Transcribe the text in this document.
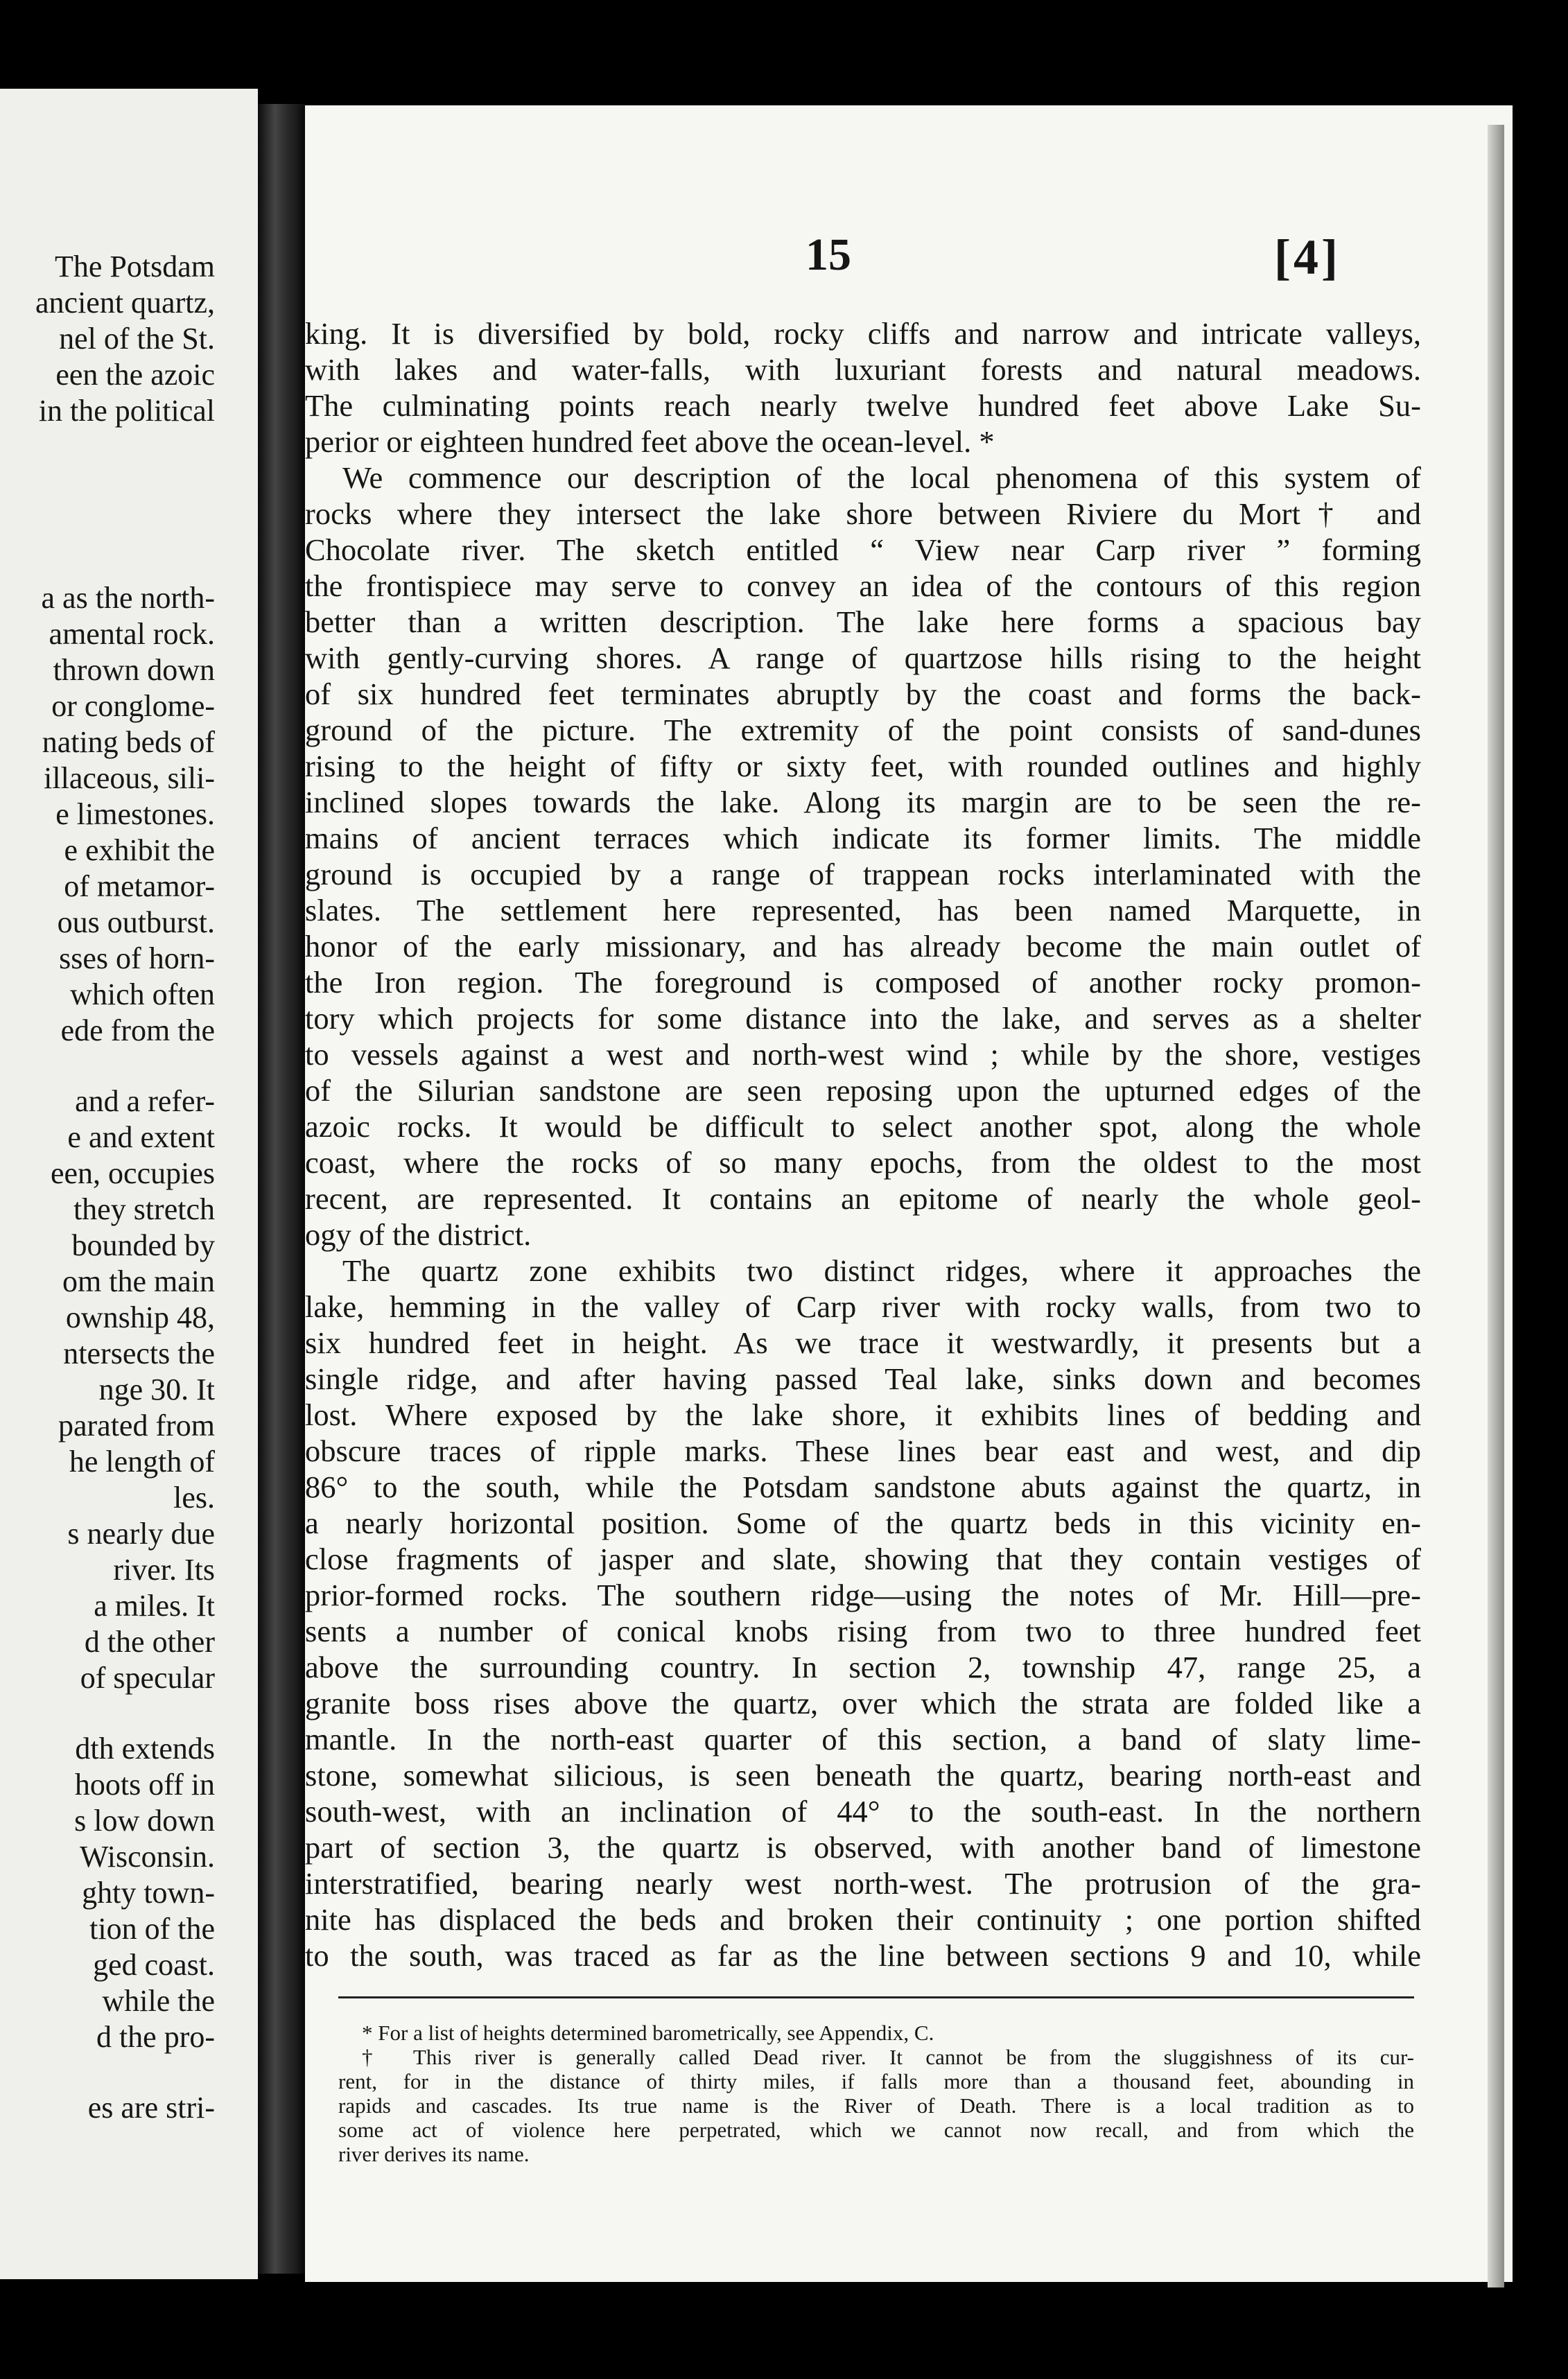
The Potsdam
ancient quartz,
nel of the St.
een the azoic
in the political
a as the north-
amental rock.
thrown down
or conglome-
nating beds of
illaceous, sili-
e limestones.
e exhibit the
of metamor-
ous outburst.
sses of horn-
which often
ede from the
and a refer-
e and extent
een, occupies
they stretch
bounded by
om the main
ownship 48,
ntersects the
nge 30. It
parated from
he length of
les.
s nearly due
river. Its
a miles. It
d the other
of specular
dth extends
hoots off in
s low down
Wisconsin.
ghty town-
tion of the
ged coast.
while the
d the pro-
es are stri-
15	[4]
king. It is diversified by bold, rocky cliffs and narrow and intricate valleys,
with lakes and water-falls, with luxuriant forests and natural meadows.
The culminating points reach nearly twelve hundred feet above Lake Su-
perior or eighteen hundred feet above the ocean-level. *
We commence our description of the local phenomena of this system of
rocks where they intersect the lake shore between Riviere du Mort† and
Chocolate river. The sketch entitled “ View near Carp river ” forming
the frontispiece may serve to convey an idea of the contours of this region
better than a written description. The lake here forms a spacious bay
with gently-curving shores. A range of quartzose hills rising to the height
of six hundred feet terminates abruptly by the coast and forms the back-
ground of the picture. The extremity of the point consists of sand-dunes
rising to the height of fifty or sixty feet, with rounded outlines and highly
inclined slopes towards the lake. Along its margin are to be seen the re-
mains of ancient terraces which indicate its former limits. The middle
ground is occupied by a range of trappean rocks interlaminated with the
slates. The settlement here represented, has been named Marquette, in
honor of the early missionary, and has already become the main outlet of
the Iron region. The foreground is composed of another rocky promon-
tory which projects for some distance into the lake, and serves as a shelter
to vessels against a west and north-west wind ; while by the shore, vestiges
of the Silurian sandstone are seen reposing upon the upturned edges of the
azoic rocks. It would be difficult to select another spot, along the whole
coast, where the rocks of so many epochs, from the oldest to the most
recent, are represented. It contains an epitome of nearly the whole geol-
ogy of the district.
The quartz zone exhibits two distinct ridges, where it approaches the
lake, hemming in the valley of Carp river with rocky walls, from two to
six hundred feet in height. As we trace it westwardly, it presents but a
single ridge, and after having passed Teal lake, sinks down and becomes
lost. Where exposed by the lake shore, it exhibits lines of bedding and
obscure traces of ripple marks. These lines bear east and west, and dip
86° to the south, while the Potsdam sandstone abuts against the quartz, in
a nearly horizontal position. Some of the quartz beds in this vicinity en-
close fragments of jasper and slate, showing that they contain vestiges of
prior-formed rocks. The southern ridge—using the notes of Mr. Hill—pre-
sents a number of conical knobs rising from two to three hundred feet
above the surrounding country. In section 2, township 47, range 25, a
granite boss rises above the quartz, over which the strata are folded like a
mantle. In the north-east quarter of this section, a band of slaty lime-
stone, somewhat silicious, is seen beneath the quartz, bearing north-east and
south-west, with an inclination of 44° to the south-east. In the northern
part of section 3, the quartz is observed, with another band of limestone
interstratified, bearing nearly west north-west. The protrusion of the gra-
nite has displaced the beds and broken their continuity ; one portion shifted
to the south, was traced as far as the line between sections 9 and 10, while
* For a list of heights determined barometrically, see Appendix, C.
† This river is generally called Dead river. It cannot be from the sluggishness of its cur-
rent, for in the distance of thirty miles, if falls more than a thousand feet, abounding in
rapids and cascades. Its true name is the River of Death. There is a local tradition as to
some act of violence here perpetrated, which we cannot now recall, and from which the
river derives its name.
